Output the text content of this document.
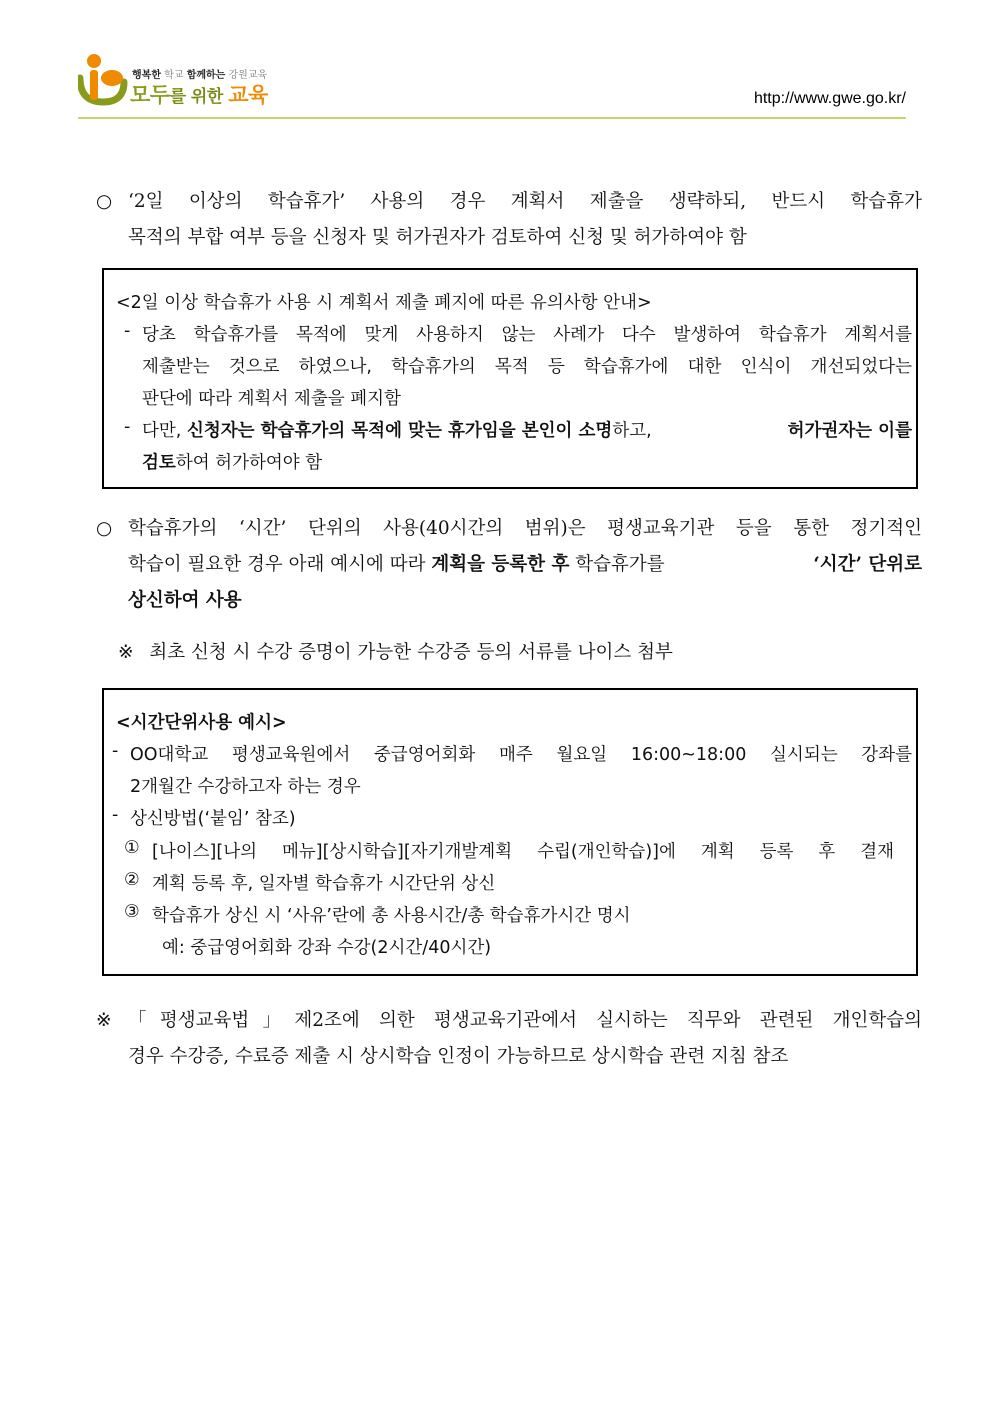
행복한 학교 함께하는 강원교육
모두를 위한 교육	http://www.gwe.go.kr/
○ ‘2일 이상의 학습휴가’ 사용의 경우 계획서 제출을 생략하되, 반드시 학습휴가
목적의 부합 여부 등을 신청자 및 허가권자가 검토하여 신청 및 허가하여야 함
<2일 이상 학습휴가 사용 시 계획서 제출 폐지에 따른 유의사항 안내>
- 당초 학습휴가를 목적에 맞게 사용하지 않는 사례가 다수 발생하여 학습휴가 계획서를
제출받는 것으로 하였으나, 학습휴가의 목적 등 학습휴가에 대한 인식이 개선되었다는
판단에 따라 계획서 제출을 폐지함
- 다만, 신청자는 학습휴가의 목적에 맞는 휴가임을 본인이 소명하고,	허가권자는 이를
검토하여 허가하여야 함
○ 학습휴가의 ‘시간’ 단위의 사용(40시간의 범위)은 평생교육기관 등을 통한 정기적인
학습이 필요한 경우 아래 예시에 따라 계획을 등록한 후 학습휴가를	‘시간’ 단위로
상신하여 사용
※ 최초 신청 시 수강 증명이 가능한 수강증 등의 서류를 나이스 첨부
<시간단위사용 예시>
- OO대학교 평생교육원에서 중급영어회화 매주 월요일 16:00~18:00 실시되는 강좌를
2개월간 수강하고자 하는 경우
- 상신방법(‘붙임’ 참조)
① [나이스][나의 메뉴][상시학습][자기개발계획 수립(개인학습)]에 계획 등록 후 결재
② 계획 등록 후, 일자별 학습휴가 시간단위 상신
③ 학습휴가 상신 시 ‘사유’란에 총 사용시간/총 학습휴가시간 명시
예: 중급영어회화 강좌 수강(2시간/40시간)
※ 「평생교육법」제2조에 의한 평생교육기관에서 실시하는 직무와 관련된 개인학습의
경우 수강증, 수료증 제출 시 상시학습 인정이 가능하므로 상시학습 관련 지침 참조
